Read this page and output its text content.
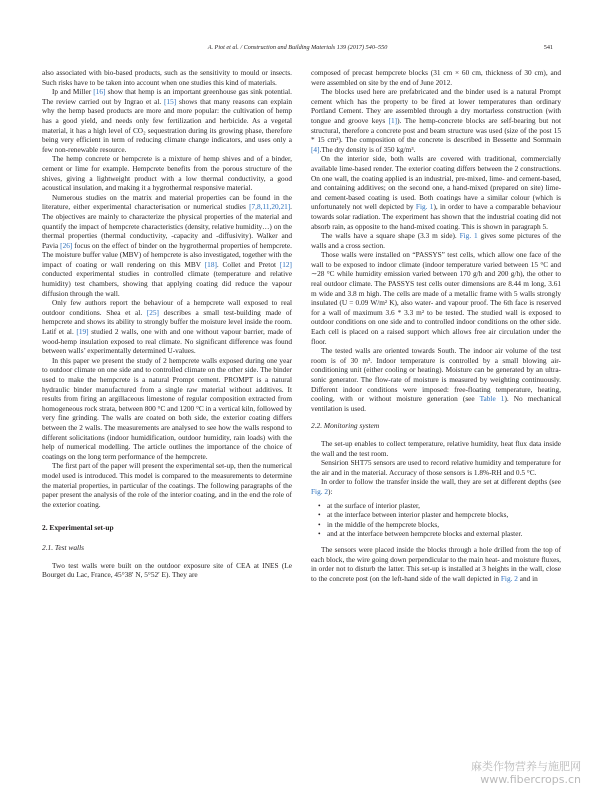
A. Piot et al. / Construction and Building Materials 139 (2017) 540–550	541

also associated with bio-based products, such as the sensitivity to mould or insects. Such risks have to be taken into account when one studies this kind of materials.

Ip and Miller [16] show that hemp is an important greenhouse gas sink potential. The review carried out by Ingrao et al. [15] shows that many reasons can explain why the hemp based products are more and more popular: the cultivation of hemp has a good yield, and needs only few fertilization and herbicide. As a vegetal material, it has a high level of CO₂ sequestration during its growing phase, therefore being very efficient in term of reducing climate change indicators, and uses only a few non-renewable resource.

The hemp concrete or hempcrete is a mixture of hemp shives and of a binder, cement or lime for example. Hempcrete benefits from the porous structure of the shives, giving a lightweight product with a low thermal conductivity, a good acoustical insulation, and making it a hygrothermal responsive material.

Numerous studies on the matrix and material properties can be found in the literature, either experimental characterisation or numerical studies [7,8,11,20,21]. The objectives are mainly to characterize the physical properties of the material and quantify the impact of hempcrete characteristics (density, relative humidity…) on the thermal properties (thermal conductivity, -capacity and -diffusivity). Walker and Pavia [26] focus on the effect of binder on the hygrothermal properties of hempcrete. The moisture buffer value (MBV) of hempcrete is also investigated, together with the impact of coating or wall rendering on this MBV [18]. Collet and Pretot [12] conducted experimental studies in controlled climate (temperature and relative humidity) test chambers, showing that applying coating did reduce the vapour diffusion through the wall.

Only few authors report the behaviour of a hempcrete wall exposed to real outdoor conditions. Shea et al. [25] describes a small test-building made of hempcrete and shows its ability to strongly buffer the moisture level inside the room. Latif et al. [19] studied 2 walls, one with and one without vapour barrier, made of wood-hemp insulation exposed to real climate. No significant difference was found between walls’ experimentally determined U-values.

In this paper we present the study of 2 hempcrete walls exposed during one year to outdoor climate on one side and to controlled climate on the other side. The binder used to make the hempcrete is a natural Prompt cement. PROMPT is a natural hydraulic binder manufactured from a single raw material without additives. It results from firing an argillaceous limestone of regular composition extracted from homogeneous rock strata, between 800 °C and 1200 °C in a vertical kiln, followed by very fine grinding. The walls are coated on both side, the exterior coating differs between the 2 walls. The measurements are analysed to see how the walls respond to different solicitations (indoor humidification, outdoor humidity, rain loads) with the help of numerical modelling. The article outlines the importance of the choice of coatings on the long term performance of the hempcrete.

The first part of the paper will present the experimental set-up, then the numerical model used is introduced. This model is compared to the measurements to determine the material properties, in particular of the coatings. The following paragraphs of the paper present the analysis of the role of the interior coating, and in the end the role of the exterior coating.

2. Experimental set-up
2.1. Test walls

Two test walls were built on the outdoor exposure site of CEA at INES (Le Bourget du Lac, France, 45°38′ N, 5°52′ E). They are

composed of precast hempcrete blocks (31 cm × 60 cm, thickness of 30 cm), and were assembled on site by the end of June 2012.

The blocks used here are prefabricated and the binder used is a natural Prompt cement which has the property to be fired at lower temperatures than ordinary Portland Cement. They are assembled through a dry mortarless construction (with tongue and groove keys [1]). The hemp-concrete blocks are self-bearing but not structural, therefore a concrete post and beam structure was used (size of the post 15 * 15 cm²). The composition of the concrete is described in Bessette and Sommain [4].The dry density is of 350 kg/m³.

On the interior side, both walls are covered with traditional, commercially available lime-based render. The exterior coating differs between the 2 constructions. On one wall, the coating applied is an industrial, pre-mixed, lime- and cement-based, and containing additives; on the second one, a hand-mixed (prepared on site) lime- and cement-based coating is used. Both coatings have a similar colour (which is unfortunately not well depicted by Fig. 1), in order to have a comparable behaviour towards solar radiation. The experiment has shown that the industrial coating did not absorb rain, as opposite to the hand-mixed coating. This is shown in paragraph 5.

The walls have a square shape (3.3 m side). Fig. 1 gives some pictures of the walls and a cross section.

Those walls were installed on “PASSYS” test cells, which allow one face of the wall to be exposed to indoor climate (indoor temperature varied between 15 °C and ∼28 °C while humidity emission varied between 170 g/h and 200 g/h), the other to real outdoor climate. The PASSYS test cells outer dimensions are 8.44 m long, 3.61 m wide and 3.8 m high. The cells are made of a metallic frame with 5 walls strongly insulated (U = 0.09 W/m² K), also water- and vapour proof. The 6th face is reserved for a wall of maximum 3.6 * 3.3 m² to be tested. The studied wall is exposed to outdoor conditions on one side and to controlled indoor conditions on the other side. Each cell is placed on a raised support which allows free air circulation under the floor.

The tested walls are oriented towards South. The indoor air volume of the test room is of 30 m³. Indoor temperature is controlled by a small blowing air-conditioning unit (either cooling or heating). Moisture can be generated by an ultra-sonic generator. The flow-rate of moisture is measured by weighting continuously. Different indoor conditions were imposed: free-floating temperature, heating, cooling, with or without moisture generation (see Table 1). No mechanical ventilation is used.

2.2. Monitoring system

The set-up enables to collect temperature, relative humidity, heat flux data inside the wall and the test room.

Sensirion SHT75 sensors are used to record relative humidity and temperature for the air and in the material. Accuracy of those sensors is 1.8%-RH and 0.5 °C.

In order to follow the transfer inside the wall, they are set at different depths (see Fig. 2):

• at the surface of interior plaster,
• at the interface between interior plaster and hempcrete blocks,
• in the middle of the hempcrete blocks,
• and at the interface between hempcrete blocks and external plaster.

The sensors were placed inside the blocks through a hole drilled from the top of each block, the wire going down perpendicular to the main heat- and moisture fluxes, in order not to disturb the latter. This set-up is installed at 3 heights in the wall, close to the concrete post (on the left-hand side of the wall depicted in Fig. 2 and in

麻类作物营养与施肥网
www.fibercrops.cn
